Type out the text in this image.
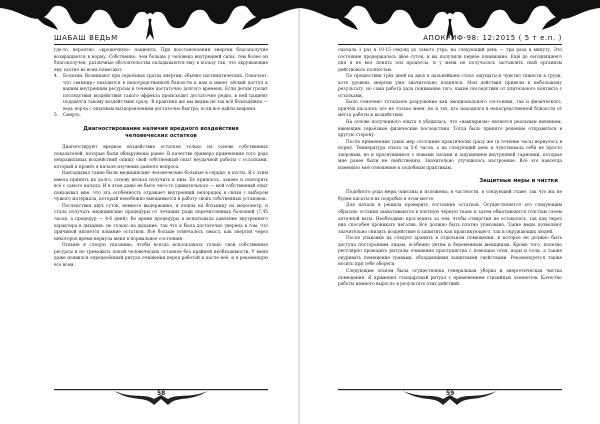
ШАБАШ ВЕДЬМ

где-то, вероятно, «крошечную» пациента. При восстановлении энергии благополучие возвращается в норму. Собственно, чем больше у человека внутренней силы, тем более он благополучен, различные обстоятельства складываются ему в пользу так, что окружающие ему охотно во всем помогают.

4.	Болезни. Возникают при серьёзных тратах энергии, обычно систематических. Означает, что «вампир» находится в непосредственной близости к вам и имеет лёгкий доступ к вашим внутренним ресурсам в течение достаточно долгого времени. Если детям грозит последствия воздействия такого эффекта происходит достаточно редко, в ней пациент поддаётся такому воздействию сразу. В практике же мы видим не так всё безнадёжно — ведь порча с опытным выздоровлением достаточно быстро, если все найти вовремя.
5.	Смерть.
Диагностирование наличия вредного воздействия человеческих остатков

Диагностируют вредное воздействие остатков только на основе собственных показателей, которые были обнаружены ранее. В качестве примера применения того рода неправильных воздействий опишу свой собственный опыт неудачной работы с остатками, который я провёл в начале изучения данного вопроса.

Накладывал такие были медицинские человеческие больные в сердце, к кости. Я с этим имела принять их долго, основу нельзя получить к ним. Её пришлось, заново и повторять всё с самого начала. И в этом даже не было чего-то удивительного — мой собственный опыт показывал мне, что эта особенность отражает внутренний непорядок в связи с выбором чужого материала, который неизбежно вмешивается в работу своих собственных установок.

Последствия двух суток, немного выдержанно, я пошла на больницу на медосмотр, и стала получать медицинские процедуры от лечащих ради перечисленных болезней (7,45 часов, а процедур — 4-6 дней). Во время процедуры я испытывала давление внутреннего характера в дыхании, не только на дыхание, так что я была достаточно уверена в том, что причиной является влияние остатков. Всё больше отмечалось смысл, как энергия через некоторое время вернула меня в нормальное состояние.

Отныне я следую указанию, чтобы всегда использовать только свои собственные ресурсы и не тревожить покой человеческих останков без крайней необходимости. У меня даже появился определённый ритуал очищения перед работой и после неё, и я рекомендую его всем.

58
АПОКРИФ-98: 12:2015 ( 5 т е.п. )

сначала 1 раз в 10-15 секунд до самого утра, на следующий день — три раза в минуту. Это состояние продержалось двое суток, и вы получили первое понимание. Ещё до сегодняшнего дня я не мог понять эти процессы, и у меня не получалось заставлять свой организм действовать полностью.

По прошествии трёх дней на вдох в дальнейшем стало ощущаться чувство тяжести в груди, хотя уровень энергии уже значительно поднялся. Мои действия привели к небольшому результату, но сама работа дала понимание того, какие последствия от длительного контакта с остатками.

Было отмечено тотальное разрушение как эмоционального состояния, так и физического, причём касалось это не только меня, но и тех, кто находился в непосредственной близости от места работы и воздействия.

На основе полученного опыта я убедилась, что «вампиризм» является реальным явлением, имеющим серьёзные физические последствия. Тогда было принято решение отправиться в другую сторону.

После применения таких мер состояние практически сразу же (в течение часа) вернулось в норму. Температура спала за 5-6 часов, а на следующий день я чувствовала себя не просто здоровым, но и проснувшимся с новыми силами и ощущением внутренней гармонии, которые мне ранее были не свойственны. Значительно улучшилось настроение. Всё это навсегда изменило моё отношение к подобным практикам.

Защитные меры и чистки

Подобного рода меры описаны и изложены, в частности, в следующей главе, так что мы не будем касаться их подробно в этом месте.

Для начала я решила проверить состояние остатков. Осуществляется это следующим образом: останки захватываются в плотную чёрную ткань и затем обматываются толстым слоем аптечной ваты. Необходимо проследить за тем, чтобы отверстия не оставалось, так как через них способен проникать негатив. Всё должно быть плотно упаковано. Такие меры позволяют значительно снизить воздействие и защитить как практикующего, так и окружающих людей.

После упаковки их следует хранить в отдельном помещении, в которое не должно быть доступа посторонним лицам, особенно детям и беременным женщинам. Кроме того, полезно регулярно проводить ритуалы очищения пространства с помощью огня, воды и соли, а также окуривать помещение травами, обладающими защитными свойствами. Рекомендуется также носить при себе обереги.

Следующим этапом была осуществлена генеральная уборка и энергетическая чистка помещения. Я применил стандартный ритуал с применением стихийных элементов. Качество работы немного выросло в результате этих действий.

59
